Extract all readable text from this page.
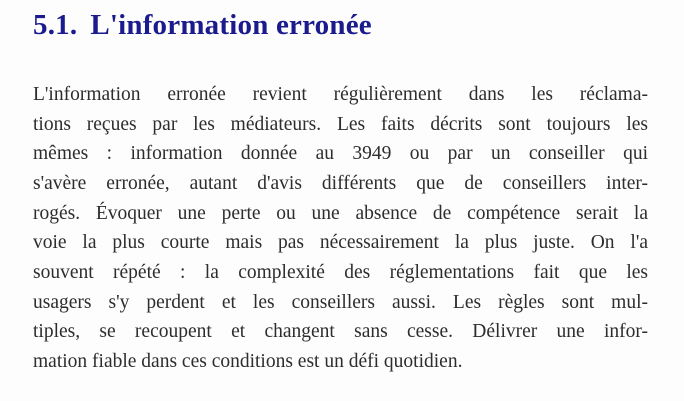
5.1. L'information erronée
L'information erronée revient régulièrement dans les réclama-
tions reçues par les médiateurs. Les faits décrits sont toujours les
mêmes : information donnée au 3949 ou par un conseiller qui
s'avère erronée, autant d'avis différents que de conseillers inter-
rogés. Évoquer une perte ou une absence de compétence serait la
voie la plus courte mais pas nécessairement la plus juste. On l'a
souvent répété : la complexité des réglementations fait que les
usagers s'y perdent et les conseillers aussi. Les règles sont mul-
tiples, se recoupent et changent sans cesse. Délivrer une infor-
mation fiable dans ces conditions est un défi quotidien.
